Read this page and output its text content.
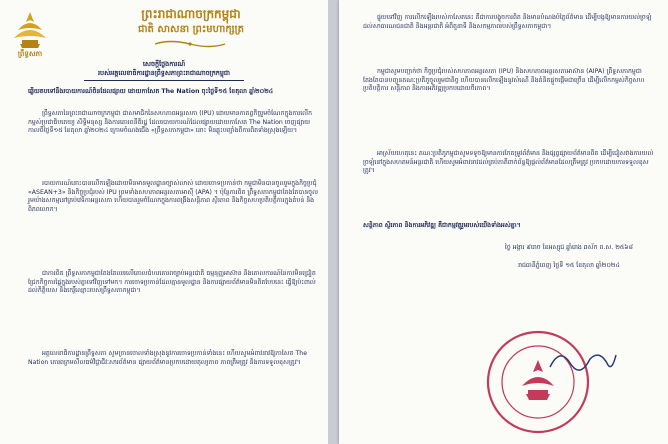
ព្រឹទ្ធសភា
ព្រះរាជាណាចក្រកម្ពុជា
ជាតិ សាសនា ព្រះមហាក្សត្រ
សេចក្តីថ្លែងការណ៍
របស់អគ្គលេខាធិការដ្ឋានព្រឹទ្ធសភាព្រះរាជាណាចក្រកម្ពុជា
ឆ្លើយតបទៅនឹងរបាយការណ៍ចិនដែលផ្សាយ ដោយកាសែត The Nation ចុះថ្ងៃទី១៥ ខែតុលា ឆ្នាំ២០២៤
ព្រឹទ្ធសភានៃព្រះរាជាណាចក្រកម្ពុជា ជាសមាជិកនៃសហភាពអន្តរសភា (IPU) ដោយមានកាតព្វកិច្ចរួមចំណែកក្នុងការលើកកម្ពស់ប្រជាធិបតេយ្យ សិទ្ធិមនុស្ស និងការគោរពនីតិរដ្ឋ ដែលរបាយការណ៍ដែលផ្សាយដោយកាសែត The Nation ចេញផ្សាយកាលពីថ្ងៃទី១៥ ខែតុលា ឆ្នាំ២០២៤ ក្រោមចំណងជើង «ព្រឹទ្ធសភាកម្ពុជា» នោះ មិនឆ្លុះបញ្ចាំងពីការពិតទាំងស្រុងឡើយ។
របាយការណ៍នោះបានលើកឡើងដោយមិនមានមូលដ្ឋានច្បាស់លាស់ ដោយចោទប្រកាន់ថា កម្ពុជាមិនបានចូលរួមក្នុងកិច្ចប្រជុំ «ASEAN+3» និងកិច្ចប្រជុំរបស់ IPU ព្រមទាំងសហភាពអន្តរសភាអាស៊ី (APA) ។ ប៉ុន្តែការពិត ព្រឹទ្ធសភាកម្ពុជាតែងតែបានចូលរួមយ៉ាងសកម្មនៅគ្រប់វេទិកាអន្តរសភា ហើយបានរួមចំណែកក្នុងការពង្រឹងសន្តិភាព ស្ថិរភាព និងកិច្ចសហប្រតិបត្តិការក្នុងតំបន់ និងពិភពលោក។
ជាការពិត ព្រឹទ្ធសភាកម្ពុជាតែងតែឈរលើគោលជំហរគោរពច្បាប់អន្តរជាតិ ធម្មនុញ្ញអាស៊ាន និងគោលការណ៍នៃការមិនជ្រៀតជ្រែកកិច្ចការផ្ទៃក្នុងរបស់គ្នាទៅវិញទៅមក។ ការចោទប្រកាន់ដែលគ្មានមូលដ្ឋាន និងការផ្សាយព័ត៌មានមិនពិតបែបនេះ ធ្វើឱ្យប៉ះពាល់ដល់កិត្តិយស និងកេរ្តិ៍ឈ្មោះរបស់ព្រឹទ្ធសភាកម្ពុជា។
អគ្គលេខាធិការដ្ឋានព្រឹទ្ធសភា សូមច្រានចោលទាំងស្រុងនូវការចោទប្រកាន់ទាំងនេះ ហើយសូមអំពាវនាវឱ្យកាសែត The Nation គោរពក្រមសីលធម៌វិជ្ជាជីវៈសារព័ត៌មាន ផ្សាយព័ត៌មានប្រកបដោយតុល្យភាព ភាពត្រឹមត្រូវ និងការទទួលខុសត្រូវ។
ផ្ទុយទៅវិញ ការលើកឡើងរបស់កាសែតនេះ គឺជាការបង្ខូចការពិត និងមានបំណងបំភ្លៃព័ត៌មាន ដើម្បីបង្កឱ្យមានការយល់ច្រឡំដល់សាធារណជនជាតិ និងអន្តរជាតិ អំពីតួនាទី និងសកម្មភាពរបស់ព្រឹទ្ធសភាកម្ពុជា។
កម្ពុជាសូមបញ្ជាក់ថា កិច្ចប្រជុំរបស់សហភាពអន្តរសភា (IPU) និងសហភាពអន្តរសភាអាស៊ាន (AIPA) ព្រឹទ្ធសភាកម្ពុជាតែងតែបានបញ្ជូនគណៈប្រតិភូចូលរួមជានិច្ច ហើយបានលើកឡើងនូវសំណើ និងគំនិតផ្តួចផ្តើមជាច្រើន ដើម្បីលើកកម្ពស់កិច្ចសហប្រតិបត្តិការ សន្តិភាព និងការអភិវឌ្ឍប្រកបដោយចីរភាព។
អាស្រ័យហេតុនេះ គណៈប្រតិភូកម្ពុជាសូមទទូចឱ្យមានការកែតម្រូវព័ត៌មាន និងផ្សព្វផ្សាយព័ត៌មានពិត ដើម្បីជៀសវាងការយល់ច្រឡំនៅក្នុងសហគមន៍អន្តរជាតិ ហើយសូមអំពាវនាវដល់គ្រប់ភាគីពាក់ព័ន្ធឱ្យផ្តល់ព័ត៌មានដែលត្រឹមត្រូវ ប្រកបដោយការទទួលខុសត្រូវ។
សន្តិភាព ស្ថិរភាព និងការអភិវឌ្ឍ គឺជាកម្មវត្ថុរួមរបស់យើងទាំងអស់គ្នា។
ថ្ងៃ អង្គារ ៩រោច ខែអស្សុជ ឆ្នាំរោង ឆស័ក ព.ស. ២៥៦៨
រាជធានីភ្នំពេញ ថ្ងៃទី ១៥ ខែតុលា ឆ្នាំ២០២៤
